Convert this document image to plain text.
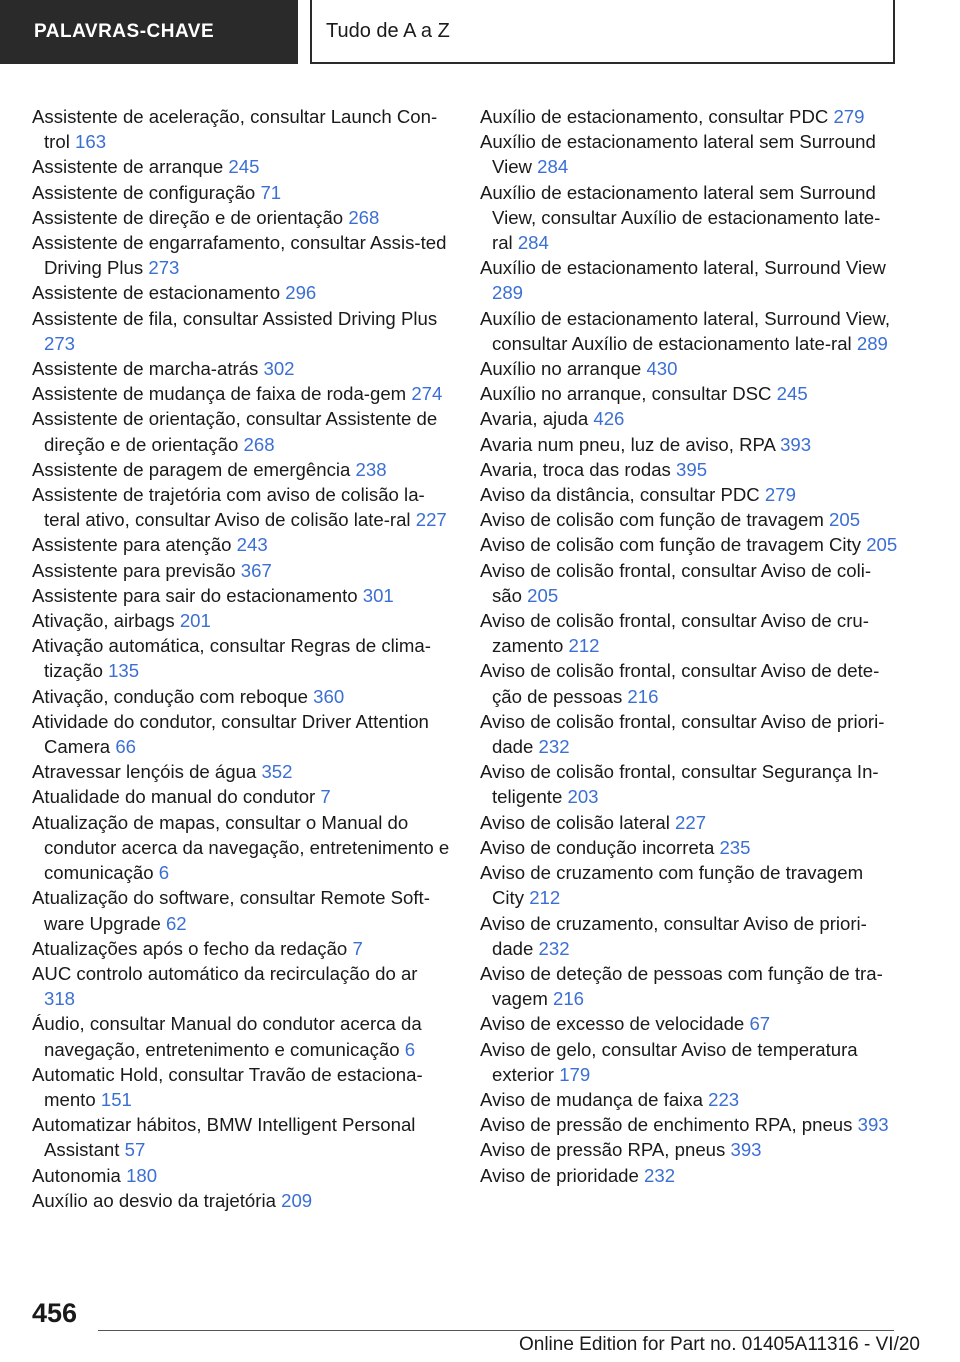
PALAVRAS-CHAVE	Tudo de A a Z
Assistente de aceleração, consultar Launch Con-trol 163
Assistente de arranque 245
Assistente de configuração 71
Assistente de direção e de orientação 268
Assistente de engarrafamento, consultar Assis-ted Driving Plus 273
Assistente de estacionamento 296
Assistente de fila, consultar Assisted Driving Plus 273
Assistente de marcha-atrás 302
Assistente de mudança de faixa de roda-gem 274
Assistente de orientação, consultar Assistente de direção e de orientação 268
Assistente de paragem de emergência 238
Assistente de trajetória com aviso de colisão la-teral ativo, consultar Aviso de colisão late-ral 227
Assistente para atenção 243
Assistente para previsão 367
Assistente para sair do estacionamento 301
Ativação, airbags 201
Ativação automática, consultar Regras de clima-tização 135
Ativação, condução com reboque 360
Atividade do condutor, consultar Driver Attention Camera 66
Atravessar lençóis de água 352
Atualidade do manual do condutor 7
Atualização de mapas, consultar o Manual do condutor acerca da navegação, entretenimento e comunicação 6
Atualização do software, consultar Remote Soft-ware Upgrade 62
Atualizações após o fecho da redação 7
AUC controlo automático da recirculação do ar 318
Áudio, consultar Manual do condutor acerca da navegação, entretenimento e comunicação 6
Automatic Hold, consultar Travão de estaciona-mento 151
Automatizar hábitos, BMW Intelligent Personal Assistant 57
Autonomia 180
Auxílio ao desvio da trajetória 209
Auxílio de estacionamento, consultar PDC 279
Auxílio de estacionamento lateral sem Surround View 284
Auxílio de estacionamento lateral sem Surround View, consultar Auxílio de estacionamento late-ral 284
Auxílio de estacionamento lateral, Surround View 289
Auxílio de estacionamento lateral, Surround View, consultar Auxílio de estacionamento late-ral 289
Auxílio no arranque 430
Auxílio no arranque, consultar DSC 245
Avaria, ajuda 426
Avaria num pneu, luz de aviso, RPA 393
Avaria, troca das rodas 395
Aviso da distância, consultar PDC 279
Aviso de colisão com função de travagem 205
Aviso de colisão com função de travagem City 205
Aviso de colisão frontal, consultar Aviso de coli-são 205
Aviso de colisão frontal, consultar Aviso de cru-zamento 212
Aviso de colisão frontal, consultar Aviso de dete-ção de pessoas 216
Aviso de colisão frontal, consultar Aviso de priori-dade 232
Aviso de colisão frontal, consultar Segurança In-teligente 203
Aviso de colisão lateral 227
Aviso de condução incorreta 235
Aviso de cruzamento com função de travagem City 212
Aviso de cruzamento, consultar Aviso de priori-dade 232
Aviso de deteção de pessoas com função de tra-vagem 216
Aviso de excesso de velocidade 67
Aviso de gelo, consultar Aviso de temperatura exterior 179
Aviso de mudança de faixa 223
Aviso de pressão de enchimento RPA, pneus 393
Aviso de pressão RPA, pneus 393
Aviso de prioridade 232
456
Online Edition for Part no. 01405A11316 - VI/20
